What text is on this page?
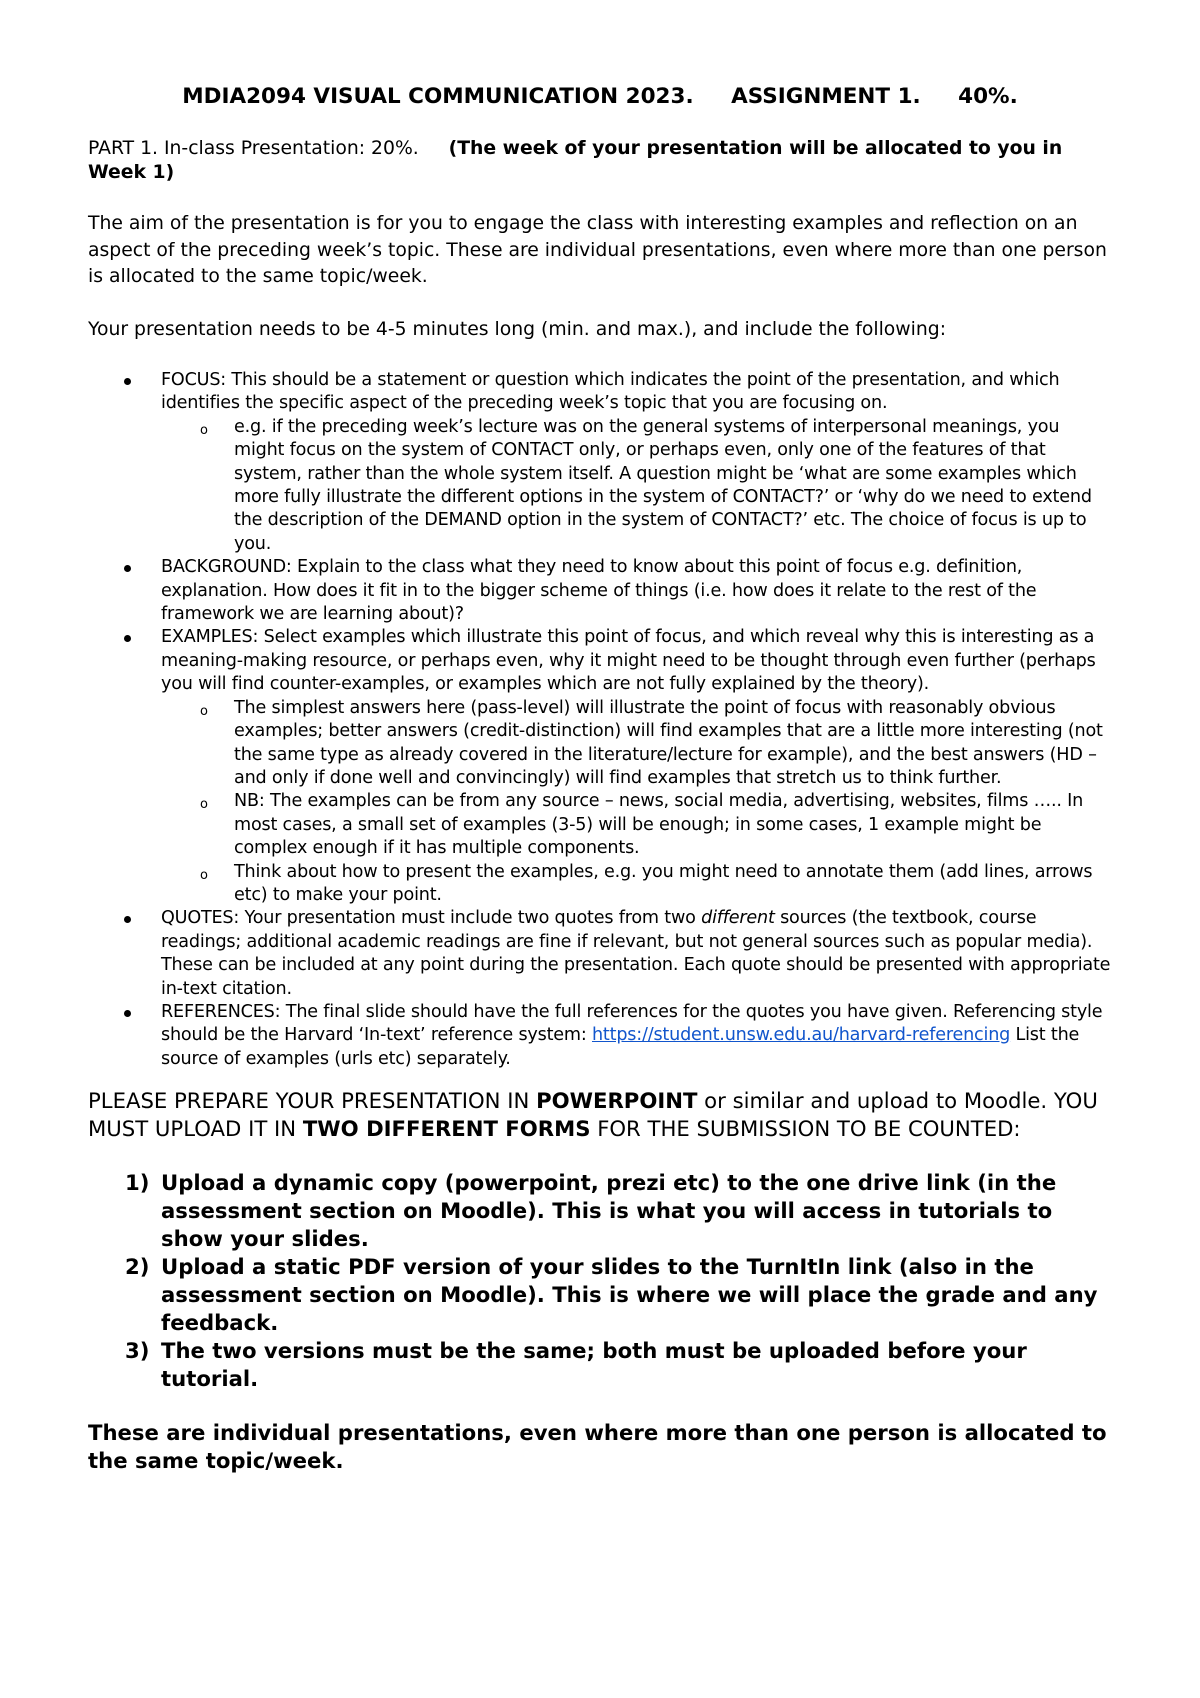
MDIA2094 VISUAL COMMUNICATION 2023.     ASSIGNMENT 1.     40%.
PART 1. In-class Presentation: 20%. (The week of your presentation will be allocated to you in Week 1)
The aim of the presentation is for you to engage the class with interesting examples and reflection on an aspect of the preceding week’s topic. These are individual presentations, even where more than one person is allocated to the same topic/week.
Your presentation needs to be 4-5 minutes long (min. and max.), and include the following:
FOCUS: This should be a statement or question which indicates the point of the presentation, and which identifies the specific aspect of the preceding week’s topic that you are focusing on.
o e.g. if the preceding week’s lecture was on the general systems of interpersonal meanings, you might focus on the system of CONTACT only, or perhaps even, only one of the features of that system, rather than the whole system itself. A question might be ‘what are some examples which more fully illustrate the different options in the system of CONTACT?’ or ‘why do we need to extend the description of the DEMAND option in the system of CONTACT?’ etc. The choice of focus is up to you.
BACKGROUND: Explain to the class what they need to know about this point of focus e.g. definition, explanation. How does it fit in to the bigger scheme of things (i.e. how does it relate to the rest of the framework we are learning about)?
EXAMPLES: Select examples which illustrate this point of focus, and which reveal why this is interesting as a meaning-making resource, or perhaps even, why it might need to be thought through even further (perhaps you will find counter-examples, or examples which are not fully explained by the theory).
o The simplest answers here (pass-level) will illustrate the point of focus with reasonably obvious examples; better answers (credit-distinction) will find examples that are a little more interesting (not the same type as already covered in the literature/lecture for example), and the best answers (HD – and only if done well and convincingly) will find examples that stretch us to think further.
o NB: The examples can be from any source – news, social media, advertising, websites, films ….. In most cases, a small set of examples (3-5) will be enough; in some cases, 1 example might be complex enough if it has multiple components.
o Think about how to present the examples, e.g. you might need to annotate them (add lines, arrows etc) to make your point.
QUOTES: Your presentation must include two quotes from two different sources (the textbook, course readings; additional academic readings are fine if relevant, but not general sources such as popular media). These can be included at any point during the presentation. Each quote should be presented with appropriate in-text citation.
REFERENCES: The final slide should have the full references for the quotes you have given. Referencing style should be the Harvard ‘In-text’ reference system: https://student.unsw.edu.au/harvard-referencing List the source of examples (urls etc) separately.
PLEASE PREPARE YOUR PRESENTATION IN POWERPOINT or similar and upload to Moodle. YOU MUST UPLOAD IT IN TWO DIFFERENT FORMS FOR THE SUBMISSION TO BE COUNTED:
1) Upload a dynamic copy (powerpoint, prezi etc) to the one drive link (in the assessment section on Moodle). This is what you will access in tutorials to show your slides.
2) Upload a static PDF version of your slides to the TurnItIn link (also in the assessment section on Moodle). This is where we will place the grade and any feedback.
3) The two versions must be the same; both must be uploaded before your tutorial.
These are individual presentations, even where more than one person is allocated to the same topic/week.
